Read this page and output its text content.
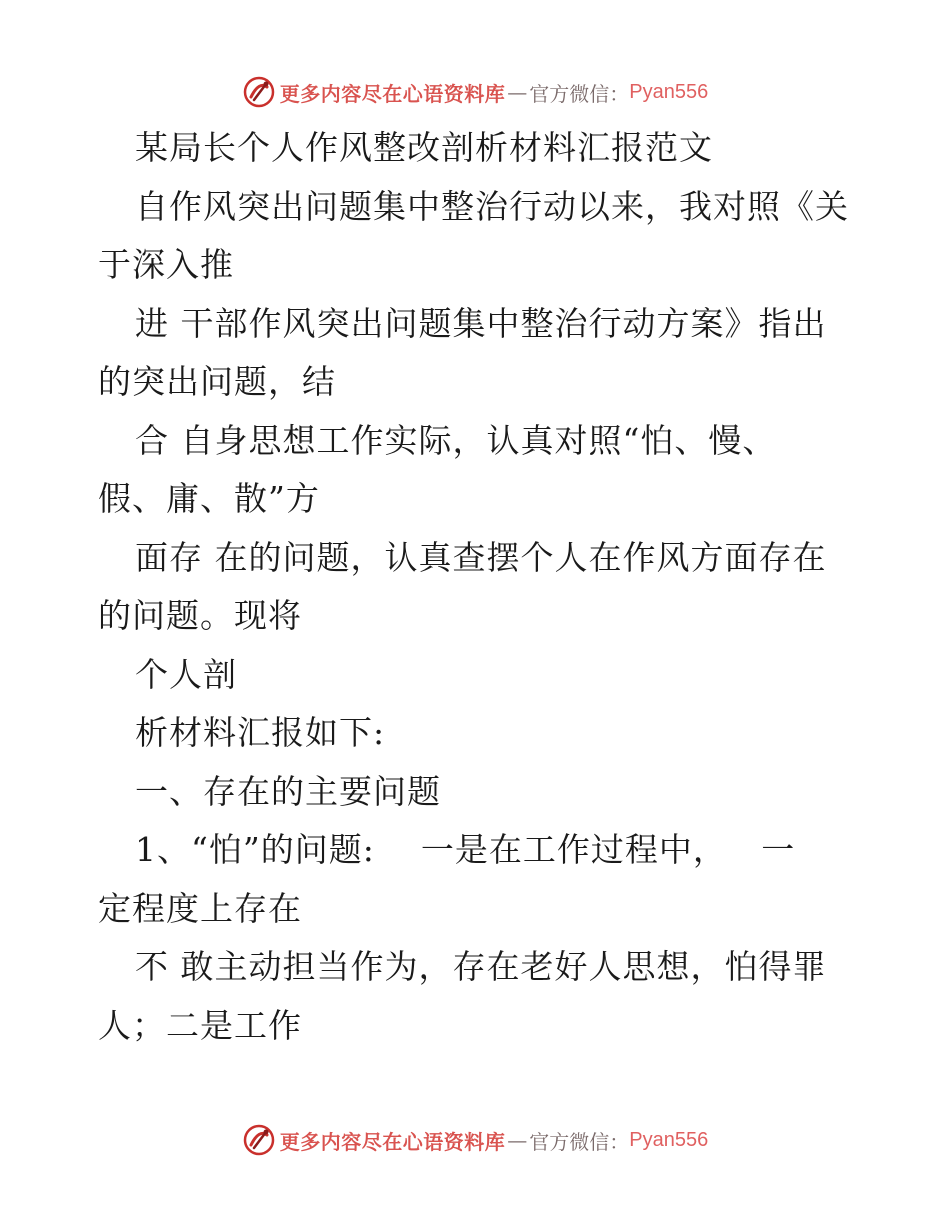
更多内容尽在心语资料库 — 官方微信： Pyan556
某局长个人作风整改剖析材料汇报范文
自作风突出问题集中整治行动以来，我对照《关
于深入推
进 干部作风突出问题集中整治行动方案》指出
的突出问题，结
合 自身思想工作实际，认真对照“怕、慢、
假、庸、散”方
面存 在的问题，认真查摆个人在作风方面存在
的问题。现将
个人剖
析材料汇报如下:
一、存在的主要问题
1、“怕”的问题:    一是在工作过程中，   一
定程度上存在
不 敢主动担当作为，存在老好人思想，怕得罪
人；二是工作
更多内容尽在心语资料库 — 官方微信： Pyan556
